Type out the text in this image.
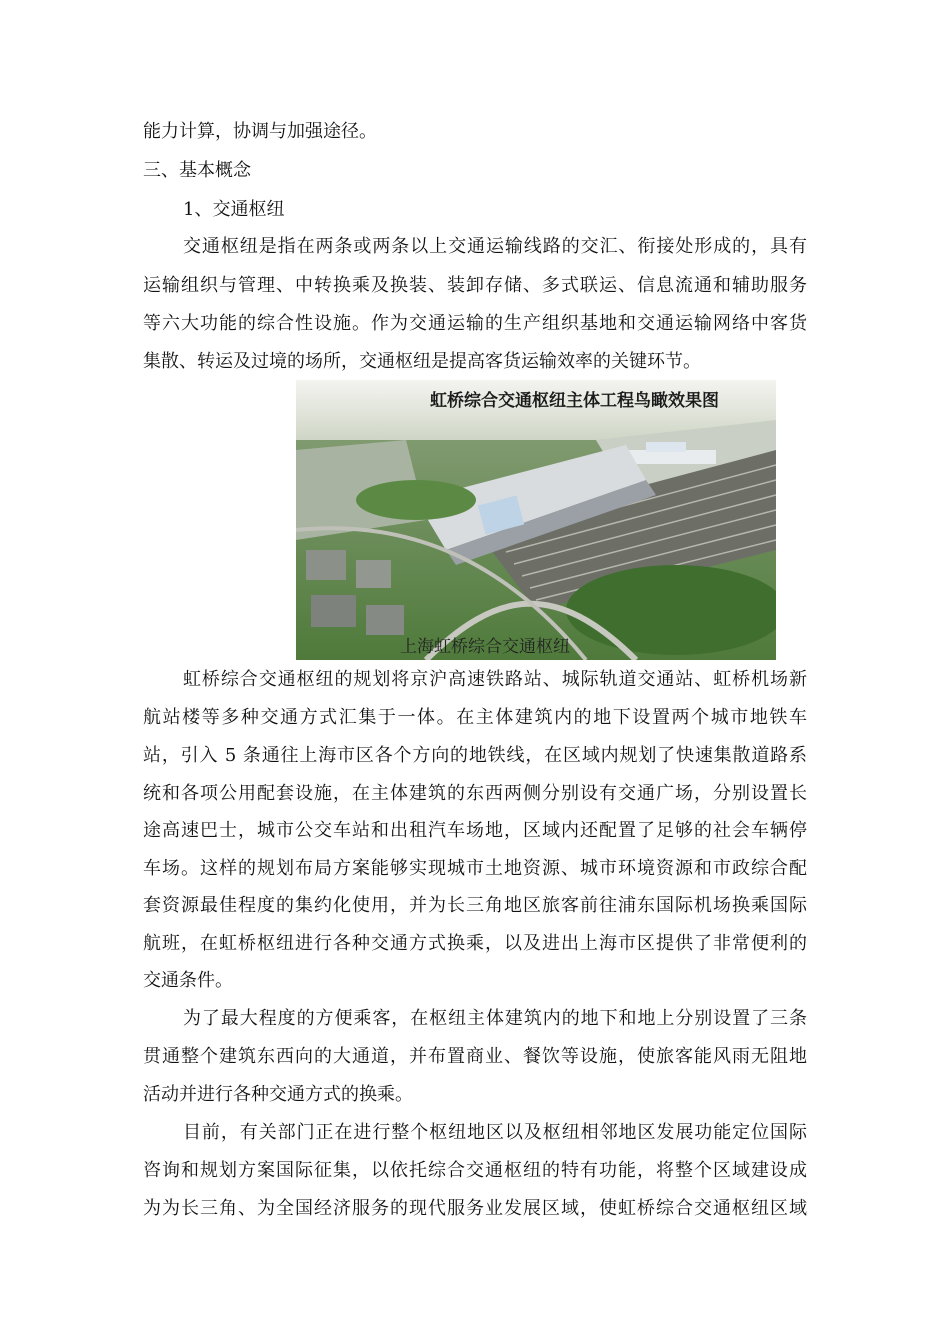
能力计算，协调与加强途径。
三、基本概念
1、交通枢纽
交通枢纽是指在两条或两条以上交通运输线路的交汇、衔接处形成的，具有
运输组织与管理、中转换乘及换装、装卸存储、多式联运、信息流通和辅助服务
等六大功能的综合性设施。作为交通运输的生产组织基地和交通运输网络中客货
集散、转运及过境的场所，交通枢纽是提高客货运输效率的关键环节。
虹桥综合交通枢纽主体工程鸟瞰效果图
上海虹桥综合交通枢纽
虹桥综合交通枢纽的规划将京沪高速铁路站、城际轨道交通站、虹桥机场新
航站楼等多种交通方式汇集于一体。在主体建筑内的地下设置两个城市地铁车
站，引入 5 条通往上海市区各个方向的地铁线，在区域内规划了快速集散道路系
统和各项公用配套设施，在主体建筑的东西两侧分别设有交通广场，分别设置长
途高速巴士，城市公交车站和出租汽车场地，区域内还配置了足够的社会车辆停
车场。这样的规划布局方案能够实现城市土地资源、城市环境资源和市政综合配
套资源最佳程度的集约化使用，并为长三角地区旅客前往浦东国际机场换乘国际
航班，在虹桥枢纽进行各种交通方式换乘，以及进出上海市区提供了非常便利的
交通条件。
为了最大程度的方便乘客，在枢纽主体建筑内的地下和地上分别设置了三条
贯通整个建筑东西向的大通道，并布置商业、餐饮等设施，使旅客能风雨无阻地
活动并进行各种交通方式的换乘。
目前，有关部门正在进行整个枢纽地区以及枢纽相邻地区发展功能定位国际
咨询和规划方案国际征集，以依托综合交通枢纽的特有功能，将整个区域建设成
为为长三角、为全国经济服务的现代服务业发展区域，使虹桥综合交通枢纽区域
